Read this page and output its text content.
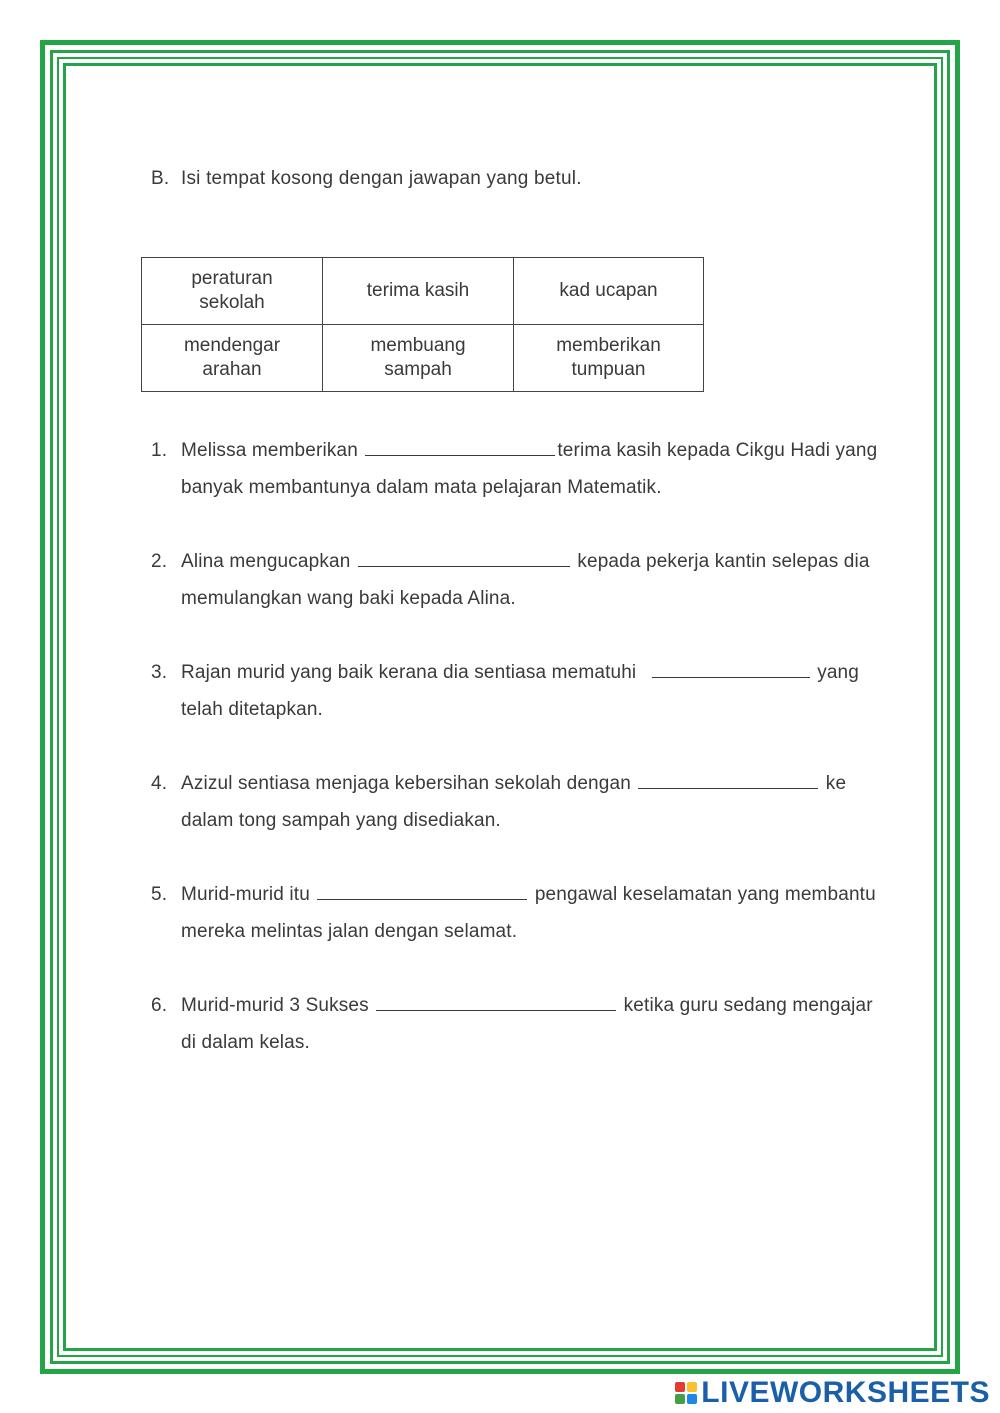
B. Isi tempat kosong dengan jawapan yang betul.
peraturan sekolah	terima kasih	kad ucapan
mendengar arahan	membuang sampah	memberikan tumpuan
1. Melissa memberikan	terima kasih kepada Cikgu Hadi yang banyak membantunya dalam mata pelajaran Matematik.
2. Alina mengucapkan	kepada pekerja kantin selepas dia memulangkan wang baki kepada Alina.
3. Rajan murid yang baik kerana dia sentiasa mematuhi	yang telah ditetapkan.
4. Azizul sentiasa menjaga kebersihan sekolah dengan	ke dalam tong sampah yang disediakan.
5. Murid-murid itu	pengawal keselamatan yang membantu mereka melintas jalan dengan selamat.
6. Murid-murid 3 Sukses	ketika guru sedang mengajar di dalam kelas.
LIVEWORKSHEETS
